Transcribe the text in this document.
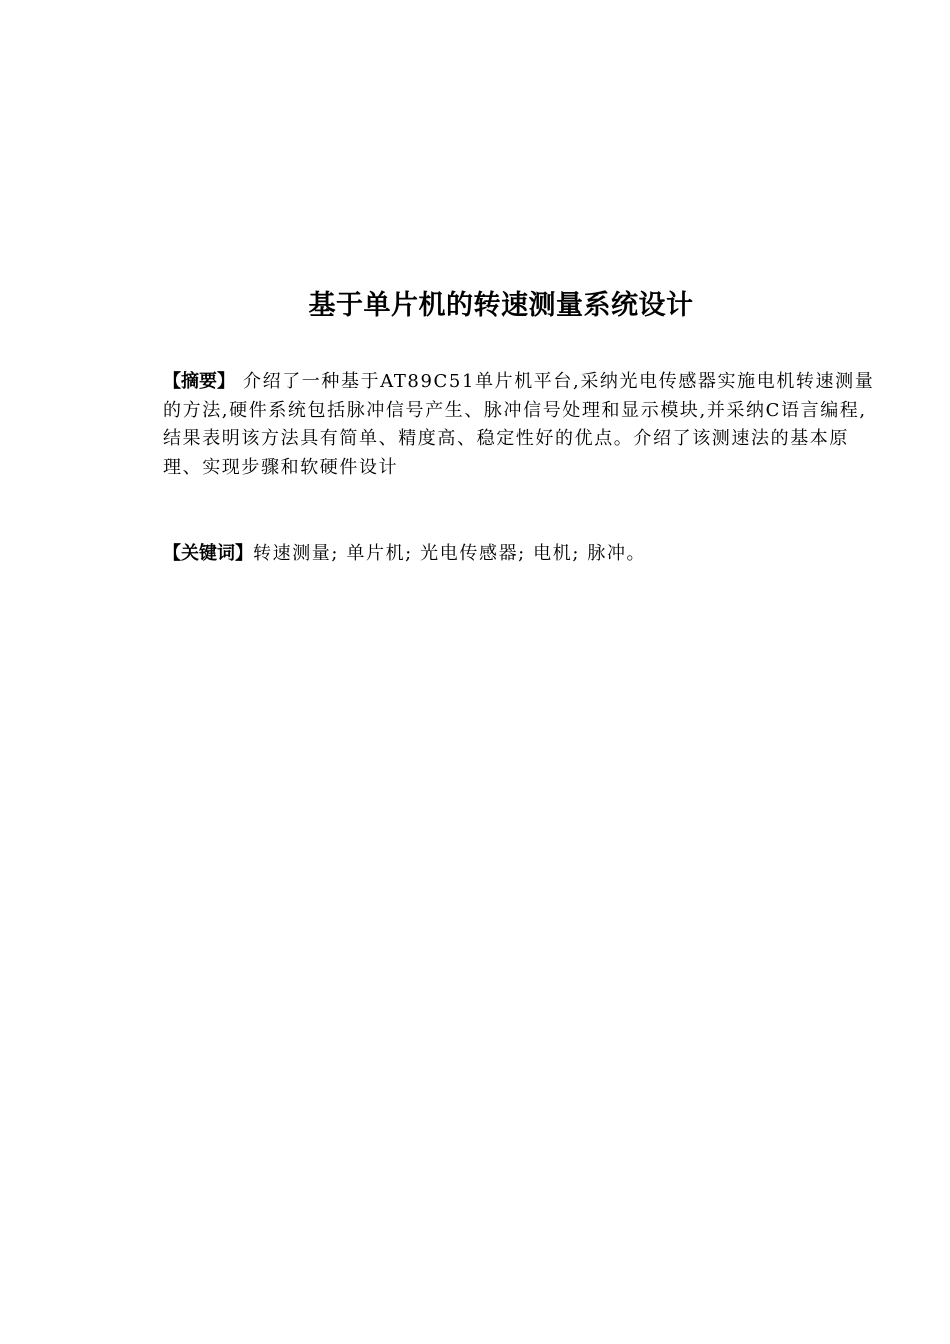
基于单片机的转速测量系统设计

【摘要】 介绍了一种基于AT89C51单片机平台,采纳光电传感器实施电机转速测量的方法,硬件系统包括脉冲信号产生、脉冲信号处理和显示模块,并采纳C语言编程,结果表明该方法具有简单、精度高、稳定性好的优点。介绍了该测速法的基本原理、实现步骤和软硬件设计

【关键词】转速测量; 单片机; 光电传感器; 电机; 脉冲。
